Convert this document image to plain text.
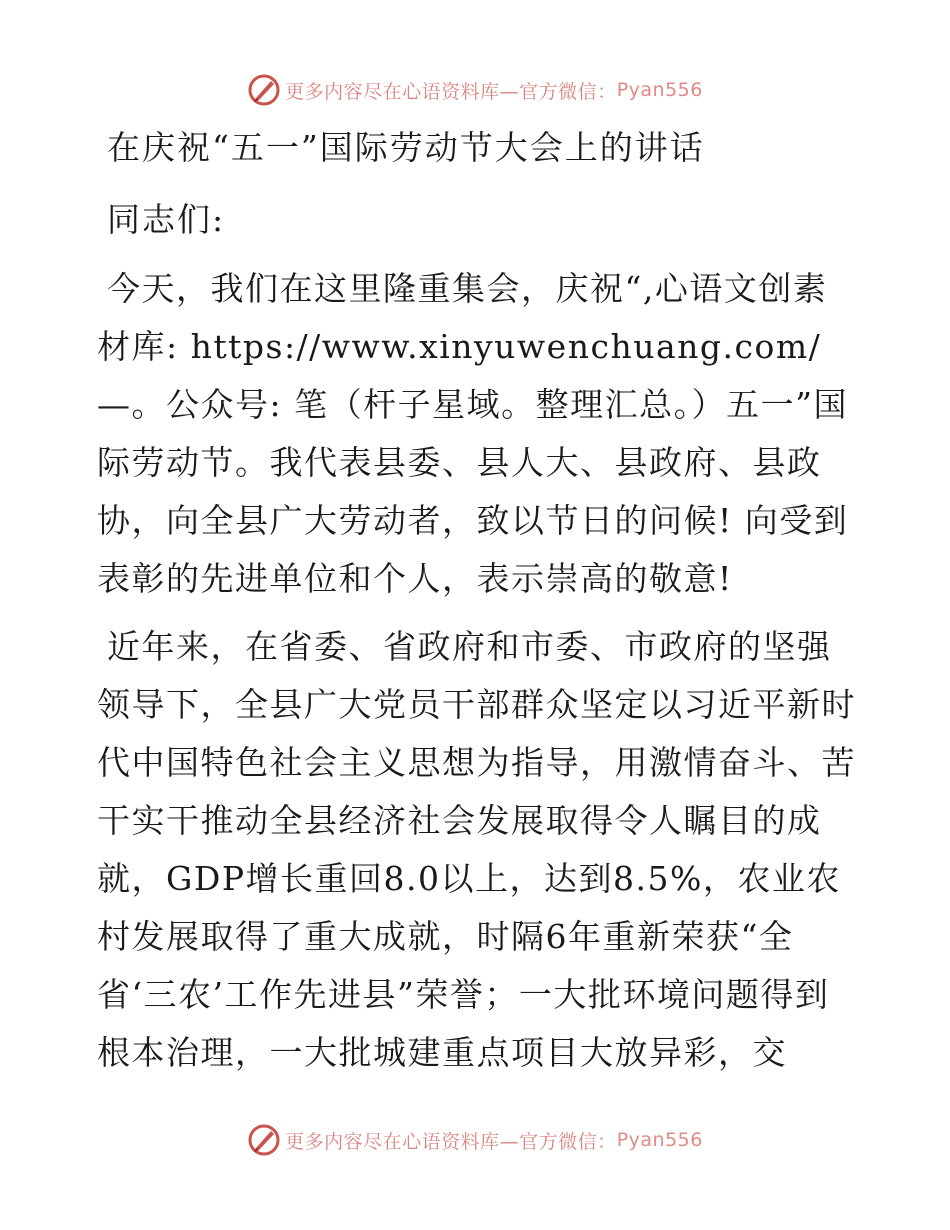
更多内容尽在心语资料库 —官方微信： Pyan556
在庆祝“五一”国际劳动节大会上的讲话
同志们:
今天，我们在这里隆重集会，庆祝“,心语文创素材库: https://www.xinyuwenchuang.com/—。公众号: 笔（杆子星域。整理汇总。）五一”国际劳动节。我代表县委、县人大、县政府、县政协，向全县广大劳动者，致以节日的问候! 向受到表彰的先进单位和个人，表示崇高的敬意!
近年来，在省委、省政府和市委、市政府的坚强领导下，全县广大党员干部群众坚定以习近平新时代中国特色社会主义思想为指导，用激情奋斗、苦干实干推动全县经济社会发展取得令人瞩目的成就，GDP增长重回8.0以上，达到8.5%，农业农村发展取得了重大成就，时隔6年重新荣获“全省‘三农’工作先进县”荣誉；一大批环境问题得到根本治理，一大批城建重点项目大放异彩，交
更多内容尽在心语资料库 —官方微信： Pyan556
